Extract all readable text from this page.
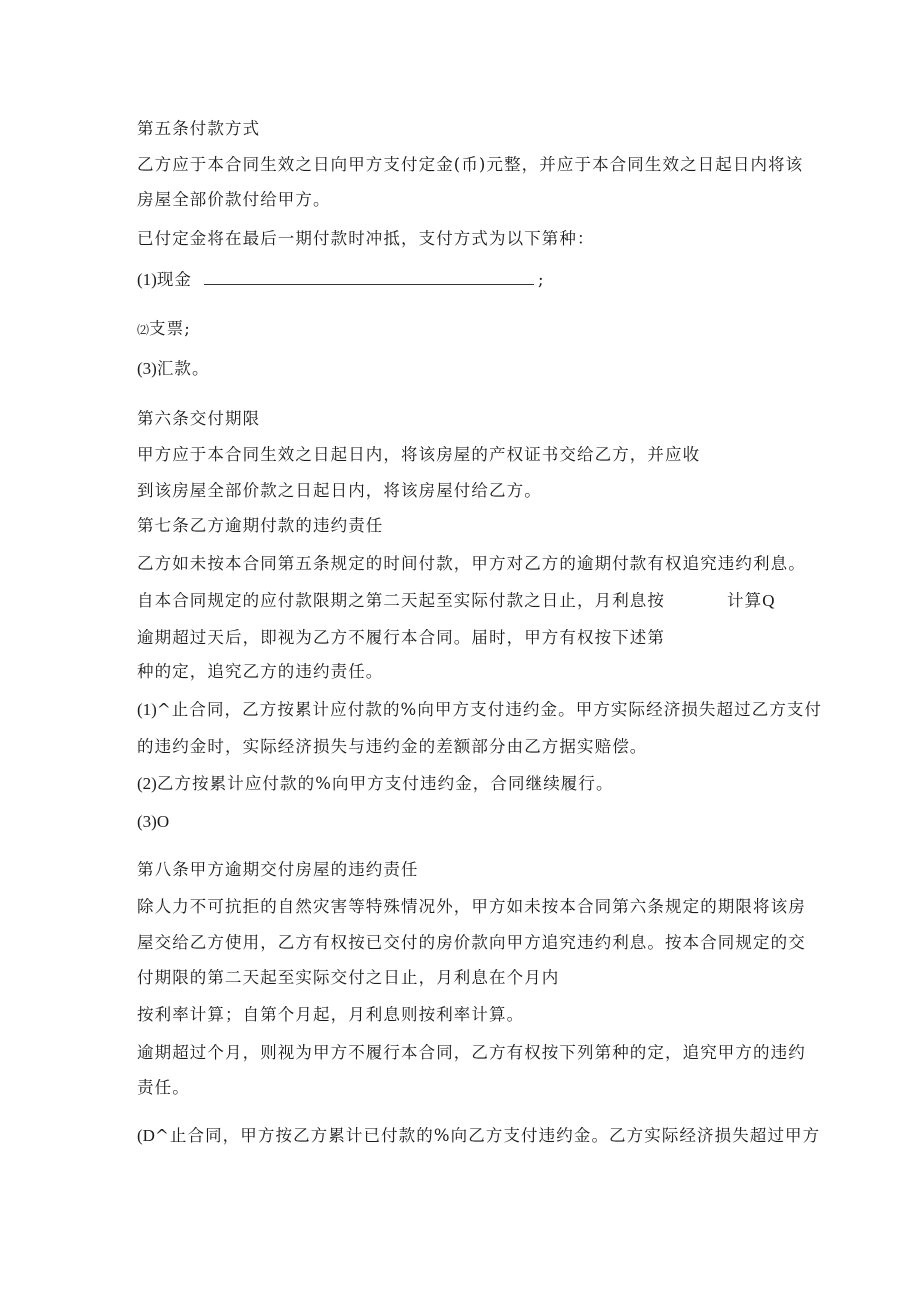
第五条付款方式
乙方应于本合同生效之日向甲方支付定金(币)元整，并应于本合同生效之日起日内将该
房屋全部价款付给甲方。
已付定金将在最后一期付款时冲抵，支付方式为以下第种：
(1)现金	;
⑵支票;
(3)汇款。
第六条交付期限
甲方应于本合同生效之日起日内，将该房屋的产权证书交给乙方，并应收
到该房屋全部价款之日起日内，将该房屋付给乙方。
第七条乙方逾期付款的违约责任
乙方如未按本合同第五条规定的时间付款，甲方对乙方的逾期付款有权追究违约利息。
自本合同规定的应付款限期之第二天起至实际付款之日止，月利息按	计算Q
逾期超过天后，即视为乙方不履行本合同。届时，甲方有权按下述第
种的定，追究乙方的违约责任。
(1)^止合同，乙方按累计应付款的%向甲方支付违约金。甲方实际经济损失超过乙方支付
的违约金时，实际经济损失与违约金的差额部分由乙方据实赔偿。
(2)乙方按累计应付款的%向甲方支付违约金，合同继续履行。
(3)O
第八条甲方逾期交付房屋的违约责任
除人力不可抗拒的自然灾害等特殊情况外，甲方如未按本合同第六条规定的期限将该房
屋交给乙方使用，乙方有权按已交付的房价款向甲方追究违约利息。按本合同规定的交
付期限的第二天起至实际交付之日止，月利息在个月内
按利率计算；自第个月起，月利息则按利率计算。
逾期超过个月，则视为甲方不履行本合同，乙方有权按下列第种的定，追究甲方的违约
责任。
(D^止合同，甲方按乙方累计已付款的%向乙方支付违约金。乙方实际经济损失超过甲方
